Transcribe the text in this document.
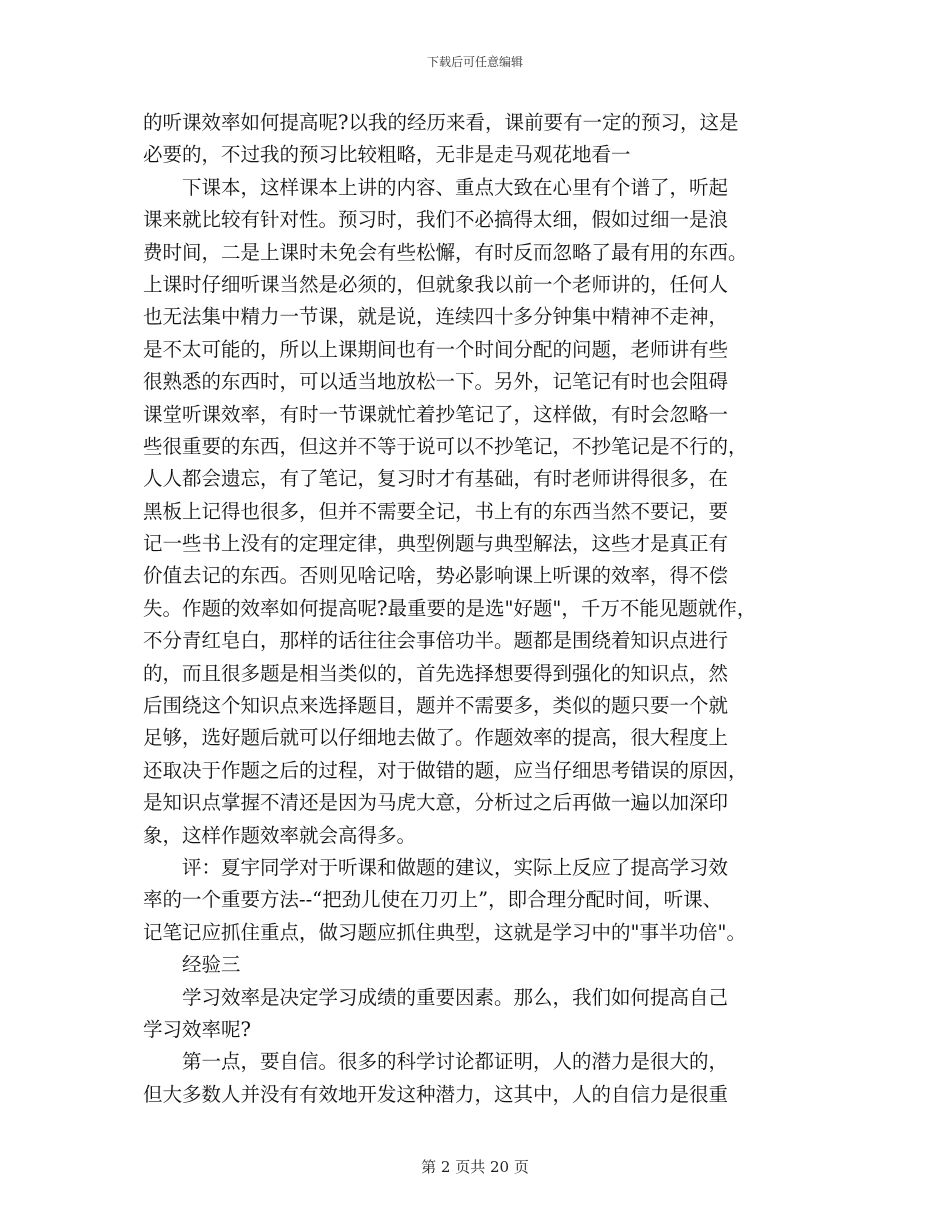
下载后可任意编辑
的听课效率如何提高呢?以我的经历来看，课前要有一定的预习，这是
必要的，不过我的预习比较粗略，无非是走马观花地看一
　　下课本，这样课本上讲的内容、重点大致在心里有个谱了，听起
课来就比较有针对性。预习时，我们不必搞得太细，假如过细一是浪
费时间，二是上课时未免会有些松懈，有时反而忽略了最有用的东西。
上课时仔细听课当然是必须的，但就象我以前一个老师讲的，任何人
也无法集中精力一节课，就是说，连续四十多分钟集中精神不走神，
是不太可能的，所以上课期间也有一个时间分配的问题，老师讲有些
很熟悉的东西时，可以适当地放松一下。另外，记笔记有时也会阻碍
课堂听课效率，有时一节课就忙着抄笔记了，这样做，有时会忽略一
些很重要的东西，但这并不等于说可以不抄笔记，不抄笔记是不行的，
人人都会遗忘，有了笔记，复习时才有基础，有时老师讲得很多，在
黑板上记得也很多，但并不需要全记，书上有的东西当然不要记，要
记一些书上没有的定理定律，典型例题与典型解法，这些才是真正有
价值去记的东西。否则见啥记啥，势必影响课上听课的效率，得不偿
失。作题的效率如何提高呢?最重要的是选"好题"，千万不能见题就作，
不分青红皂白，那样的话往往会事倍功半。题都是围绕着知识点进行
的，而且很多题是相当类似的，首先选择想要得到强化的知识点，然
后围绕这个知识点来选择题目，题并不需要多，类似的题只要一个就
足够，选好题后就可以仔细地去做了。作题效率的提高，很大程度上
还取决于作题之后的过程，对于做错的题，应当仔细思考错误的原因，
是知识点掌握不清还是因为马虎大意，分析过之后再做一遍以加深印
象，这样作题效率就会高得多。
　　评：夏宇同学对于听课和做题的建议，实际上反应了提高学习效
率的一个重要方法--“把劲儿使在刀刃上”，即合理分配时间，听课、
记笔记应抓住重点，做习题应抓住典型，这就是学习中的"事半功倍"。
　　经验三
　　学习效率是决定学习成绩的重要因素。那么，我们如何提高自己
学习效率呢?
　　第一点，要自信。很多的科学讨论都证明，人的潜力是很大的，
但大多数人并没有有效地开发这种潜力，这其中，人的自信力是很重
第 2 页共 20 页
